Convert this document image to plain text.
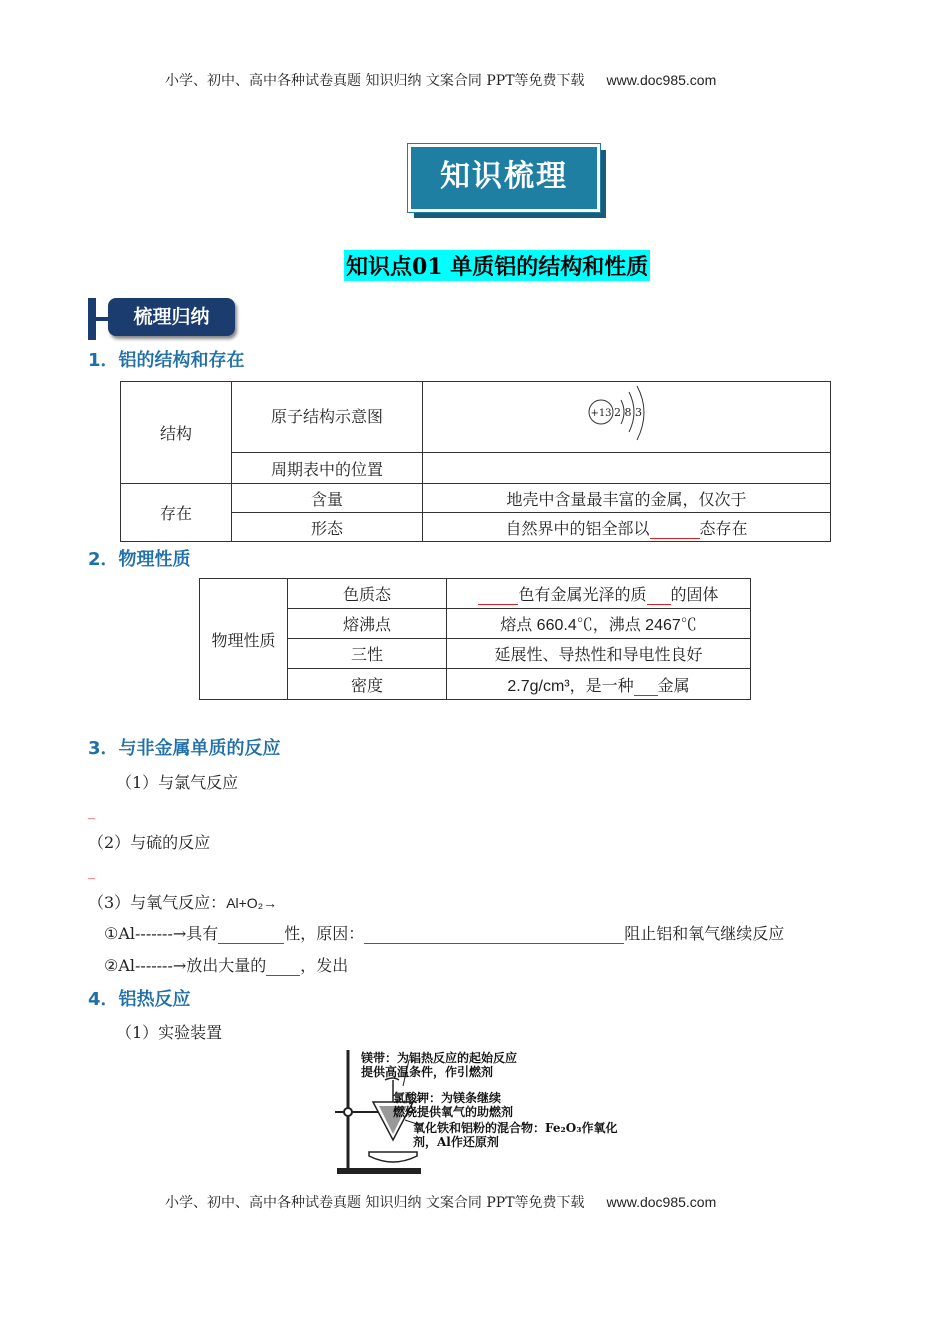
小学、初中、高中各种试卷真题 知识归纳 文案合同 PPT等免费下载 www.doc985.com
知识梳理
知识点01 单质铝的结构和性质
梳理归纳
1．铝的结构和存在
结构	原子结构示意图	+13 2 8 3

	周期表中的位置	
存在	含量	地壳中含量最丰富的金属，仅次于
	形态	自然界中的铝全部以 态存在
2．物理性质
物理性质	色质态	色有金属光泽的质 的固体
	熔沸点	熔点 660.4℃，沸点 2467℃
	三性	延展性、导热性和导电性良好
	密度	2.7g/cm³，是一种 金属
3．与非金属单质的反应
（1）与氯气反应
_
（2）与硫的反应
_
（3）与氧气反应：Al+O₂→
①Al-------→具有	性，原因：	阻止铝和氧气继续反应
②Al-------→放出大量的 ，发出
4．铝热反应
（1）实验装置
镁带：为铝热反应的起始反应
提供高温条件，作引燃剂
氯酸钾：为镁条继续
燃烧提供氧气的助燃剂
氧化铁和铝粉的混合物：Fe₂O₃作氧化
剂，Al作还原剂
小学、初中、高中各种试卷真题 知识归纳 文案合同 PPT等免费下载 www.doc985.com
